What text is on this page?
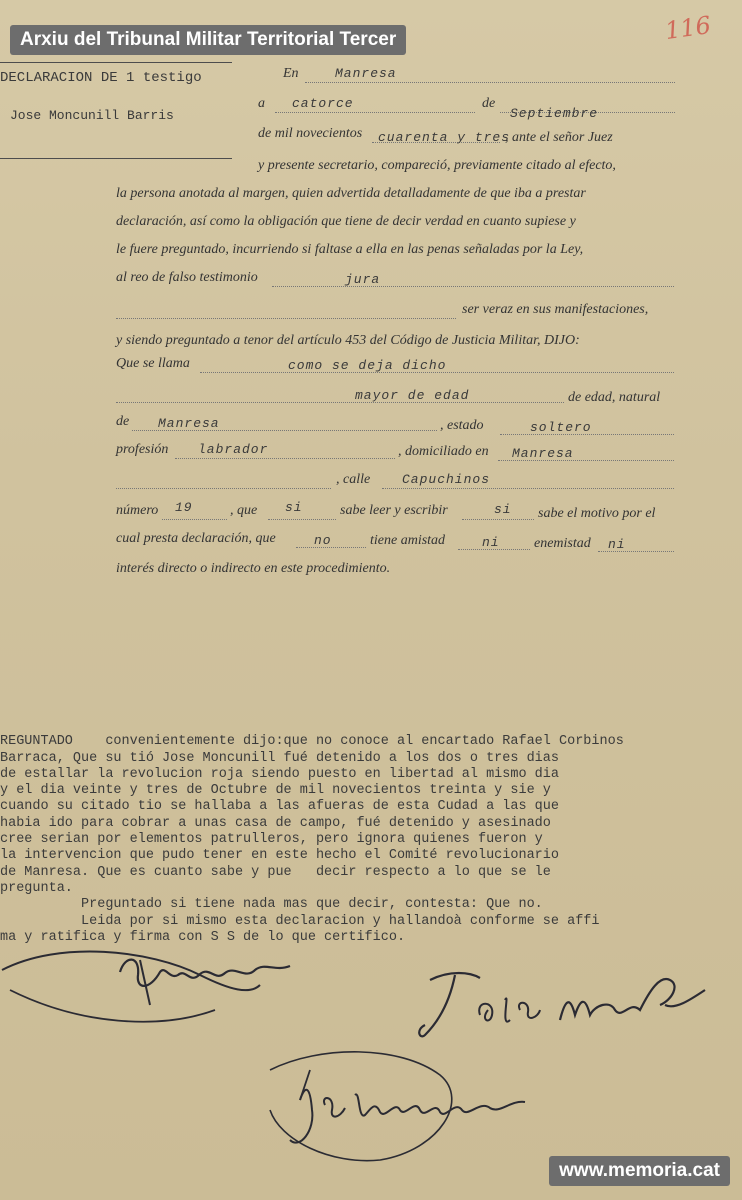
Arxiu del Tribunal Militar Territorial Tercer	116
DECLARACION DE 1 testigo
Jose Moncunill Barris
En	Manresa
a catorce	de
Septiembre
de mil novecientos cuarenta y tres
, ante el señor Juez
y presente secretario, compareció, previamente citado al efecto,
la persona anotada al margen, quien advertida detalladamente de que iba a prestar
declaración, así como la obligación que tiene de decir verdad en cuanto supiese y
le fuere preguntado, incurriendo si faltase a ella en las penas señaladas por la Ley,
al reo de falso testimonio	jura
ser veraz en sus manifestaciones,
y siendo preguntado a tenor del artículo 453 del Código de Justicia Militar, DIJO:
Que se llama	como se deja dicho
mayor de edad	de edad, natural
de Manresa	, estado	soltero
profesión labrador	, domiciliado en Manresa
, calle Capuchinos
número 19	, que si	sabe leer y escribir	si sabe el motivo por el
cual presta declaración, que	no	tiene amistad	ni enemistad ni
interés directo o indirecto en este procedimiento.

REGUNTADO    convenientemente dijo:que no conoce al encartado Rafael Corbinos
Barraca, Que su tió Jose Moncunill fué detenido a los dos o tres dias
de estallar la revolucion roja siendo puesto en libertad al mismo dia
y el dia veinte y tres de Octubre de mil novecientos treinta y sie y
cuando su citado tio se hallaba a las afueras de esta Cudad a las que
habia ido para cobrar a unas casa de campo, fué detenido y asesinado
cree serian por elementos patrulleros, pero ignora quienes fueron y
la intervencion que pudo tener en este hecho el Comité revolucionario
de Manresa. Que es cuanto sabe y pue   decir respecto a lo que se le
pregunta.
Preguntado si tiene nada mas que decir, contesta: Que no.
Leida por si mismo esta declaracion y hallandoà conforme se affi
ma y ratifica y firma con S S de lo que certifico.

www.memoria.cat
